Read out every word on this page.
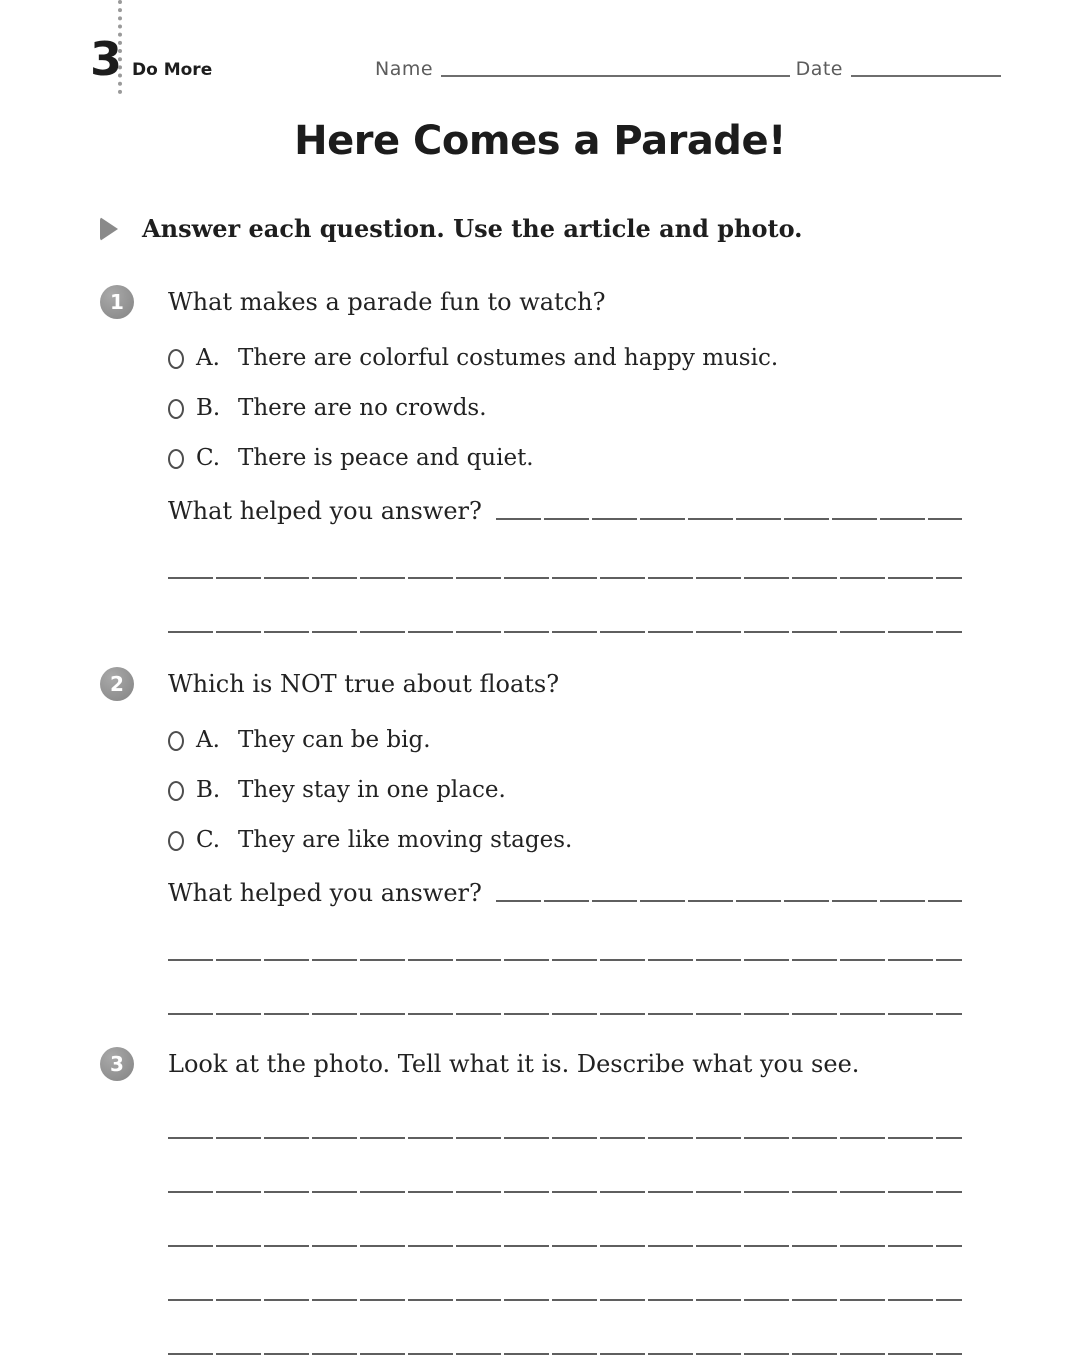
3 Do More	Name	Date
Here Comes a Parade!
Answer each question. Use the article and photo.
1	What makes a parade fun to watch?
A. There are colorful costumes and happy music.
B. There are no crowds.
C. There is peace and quiet.
What helped you answer?
2	Which is NOT true about floats?
A. They can be big.
B. They stay in one place.
C. They are like moving stages.
What helped you answer?
3	Look at the photo. Tell what it is. Describe what you see.
